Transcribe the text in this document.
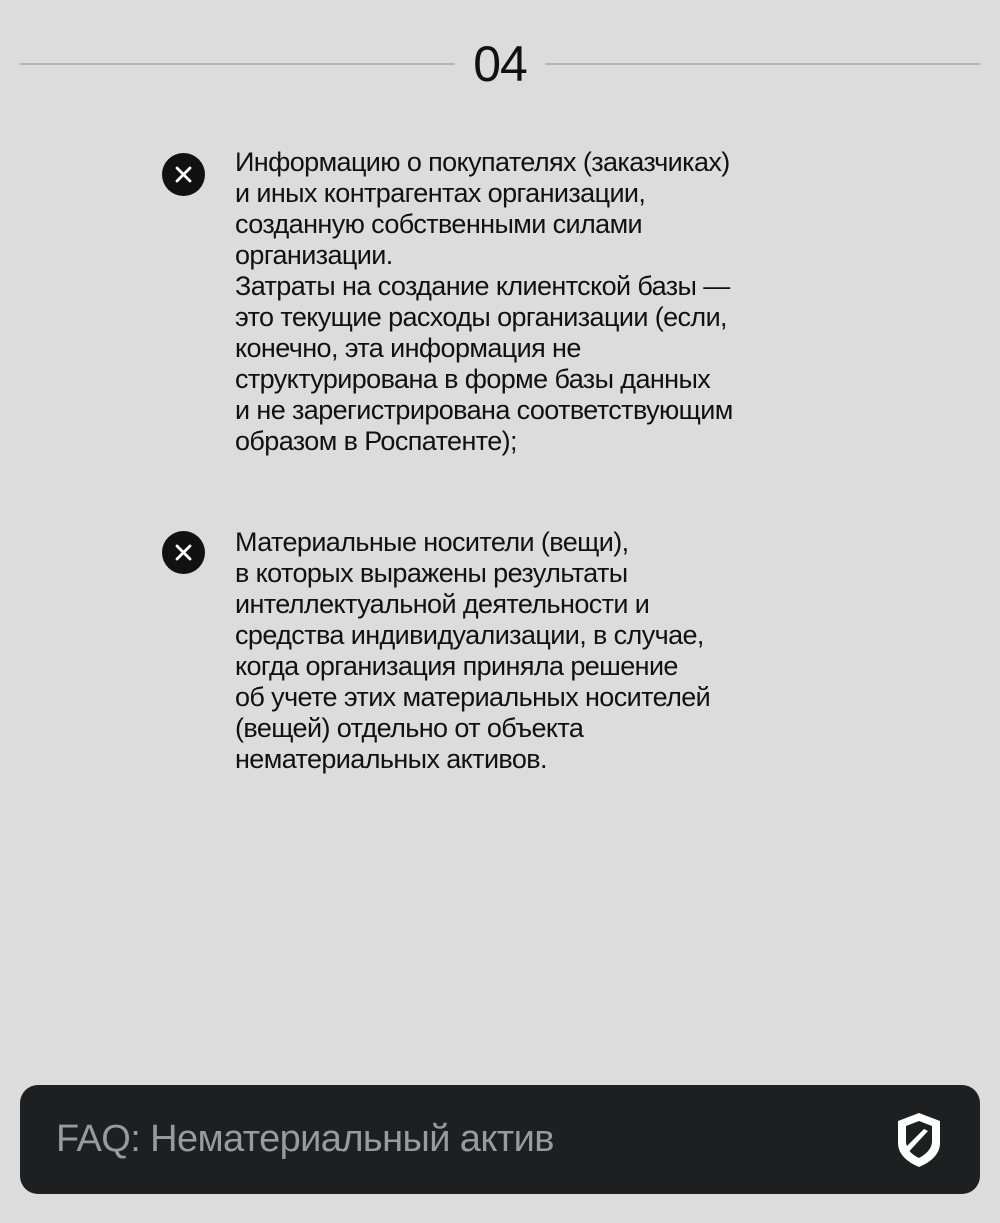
04
Информацию о покупателях (заказчиках)
и иных контрагентах организации,
созданную собственными силами
организации.
Затраты на создание клиентской базы —
это текущие расходы организации (если,
конечно, эта информация не
структурирована в форме базы данных
и не зарегистрирована соответствующим
образом в Роспатенте);
Материальные носители (вещи),
в которых выражены результаты
интеллектуальной деятельности и
средства индивидуализации, в случае,
когда организация приняла решение
об учете этих материальных носителей
(вещей) отдельно от объекта
нематериальных активов.
FAQ: Нематериальный актив
